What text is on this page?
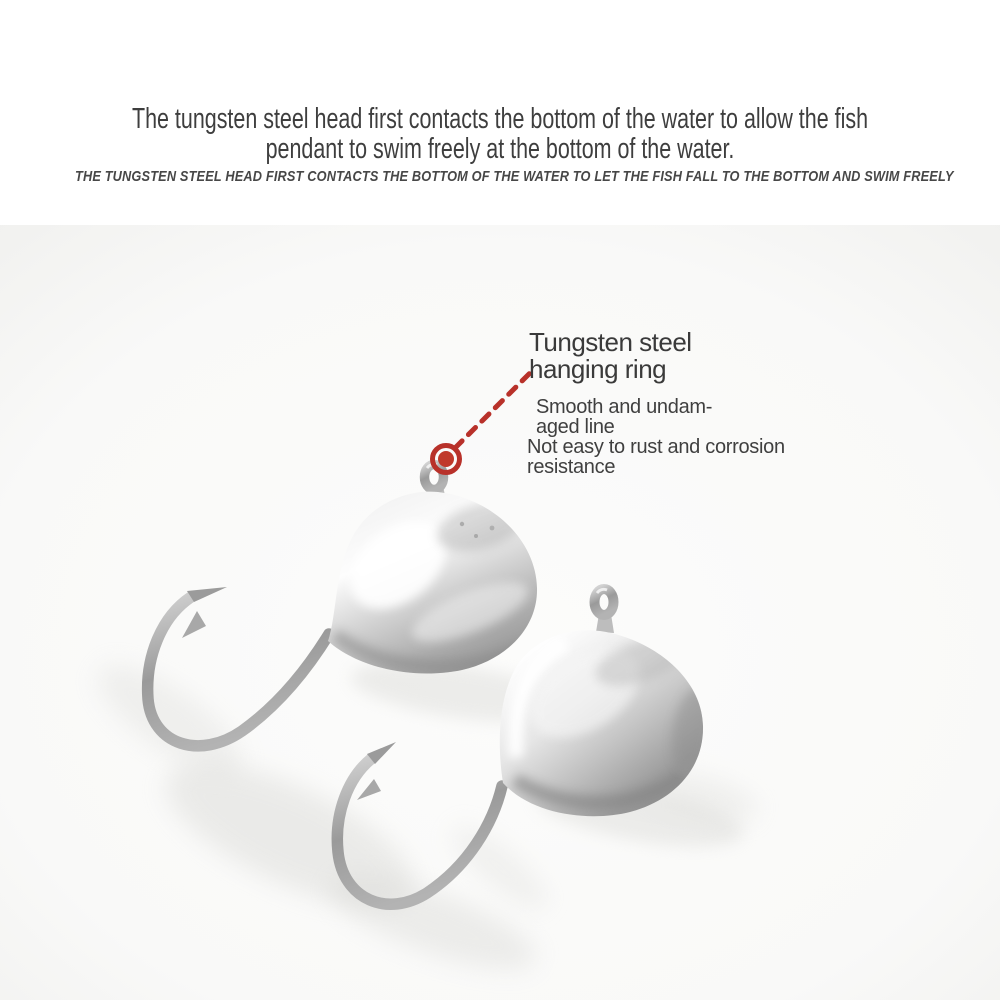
The tungsten steel head first contacts the bottom of the water to allow the fish
pendant to swim freely at the bottom of the water.
THE TUNGSTEN STEEL HEAD FIRST CONTACTS THE BOTTOM OF THE WATER TO LET THE FISH FALL TO THE BOTTOM AND SWIM FREELY
Tungsten steel
hanging ring
Smooth and undam-
aged line
Not easy to rust and corrosion
resistance
